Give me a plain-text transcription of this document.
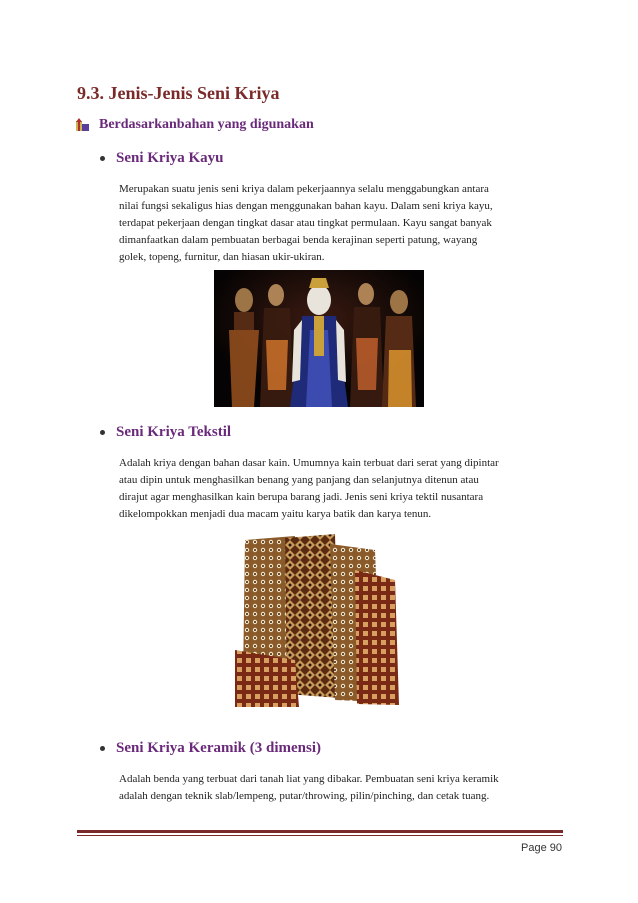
9.3. Jenis-Jenis Seni Kriya
Berdasarkanbahan yang digunakan
Seni Kriya Kayu
Merupakan suatu jenis seni kriya dalam pekerjaannya selalu menggabungkan antara
nilai fungsi sekaligus hias dengan menggunakan bahan kayu. Dalam seni kriya kayu,
terdapat pekerjaan dengan tingkat dasar atau tingkat permulaan. Kayu sangat banyak
dimanfaatkan dalam pembuatan berbagai benda kerajinan seperti patung, wayang
golek, topeng, furnitur, dan hiasan ukir-ukiran.
Seni Kriya Tekstil
Adalah kriya dengan bahan dasar kain. Umumnya kain terbuat dari serat yang dipintar
atau dipin untuk menghasilkan benang yang panjang dan selanjutnya ditenun atau
dirajut agar menghasilkan kain berupa barang jadi. Jenis seni kriya tektil nusantara
dikelompokkan menjadi dua macam yaitu karya batik dan karya tenun.
Seni Kriya Keramik (3 dimensi)
Adalah benda yang terbuat dari tanah liat yang dibakar. Pembuatan seni kriya keramik
adalah dengan teknik slab/lempeng, putar/throwing, pilin/pinching, dan cetak tuang.
Page 90
